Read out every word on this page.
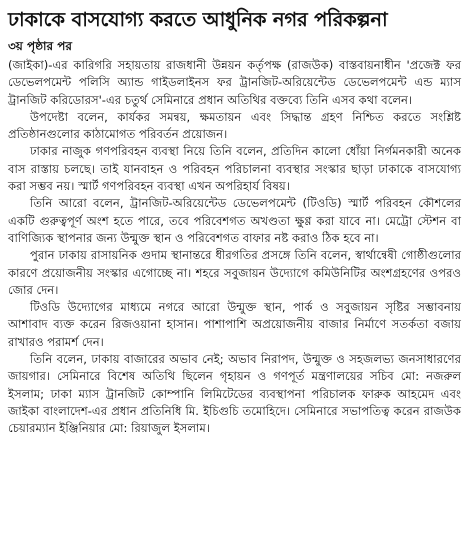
ঢাকাকে বাসযোগ্য করতে আধুনিক নগর পরিকল্পনা
৩য় পৃষ্ঠার পর

(জাইকা)-এর কারিগরি সহায়তায় রাজধানী উন্নয়ন কর্তৃপক্ষ (রাজউক) বাস্তবায়নাধীন 'প্রজেক্ট ফর ডেভেলপমেন্ট পলিসি অ্যান্ড গাইডলাইনস ফর ট্রানজিট-অরিয়েন্টেড ডেভেলপমেন্ট এন্ড ম্যাস ট্রানজিট করিডোরস'-এর চতুর্থ সেমিনারে প্রধান অতিথির বক্তব্যে তিনি এসব কথা বলেন।

উপদেষ্টা বলেন, কার্যকর সমন্বয়, ক্ষমতায়ন এবং সিদ্ধান্ত গ্রহণ নিশ্চিত করতে সংশ্লিষ্ট প্রতিষ্ঠানগুলোর কাঠামোগত পরিবর্তন প্রয়োজন।

ঢাকার নাজুক গণপরিবহন ব্যবস্থা নিয়ে তিনি বলেন, প্রতিদিন কালো ধোঁয়া নির্গমনকারী অনেক বাস রাস্তায় চলছে। তাই যানবাহন ও পরিবহন পরিচালনা ব্যবস্থার সংস্কার ছাড়া ঢাকাকে বাসযোগ্য করা সম্ভব নয়। স্মার্ট গণপরিবহন ব্যবস্থা এখন অপরিহার্য বিষয়।

তিনি আরো বলেন, ট্রানজিট-অরিয়েন্টেড ডেভেলপমেন্ট (টিওডি) স্মার্ট পরিবহন কৌশলের একটি গুরুত্বপূর্ণ অংশ হতে পারে, তবে পরিবেশগত অখণ্ডতা ক্ষুণ্ণ করা যাবে না। মেট্রো স্টেশন বা বাণিজ্যিক স্থাপনার জন্য উন্মুক্ত স্থান ও পরিবেশগত বাফার নষ্ট করাও ঠিক হবে না।

পুরান ঢাকায় রাসায়নিক গুদাম স্থানান্তরে ধীরগতির প্রসঙ্গে তিনি বলেন, স্বার্থান্বেষী গোষ্ঠীগুলোর কারণে প্রয়োজনীয় সংস্কার এগোচ্ছে না। শহরে সবুজায়ন উদ্যোগে কমিউনিটির অংশগ্রহণের ওপরও জোর দেন।

টিওডি উদ্যোগের মাধ্যমে নগরে আরো উন্মুক্ত স্থান, পার্ক ও সবুজায়ন সৃষ্টির সম্ভাবনায় আশাবাদ ব্যক্ত করেন রিজওয়ানা হাসান। পাশাপাশি অপ্রয়োজনীয় বাজার নির্মাণে সতর্কতা বজায় রাখারও পরামর্শ দেন।

তিনি বলেন, ঢাকায় বাজারের অভাব নেই; অভাব নিরাপদ, উন্মুক্ত ও সহজলভ্য জনসাধারণের জায়গার। সেমিনারে বিশেষ অতিথি ছিলেন গৃহায়ন ও গণপূর্ত মন্ত্রণালয়ের সচিব মো: নজরুল ইসলাম; ঢাকা ম্যাস ট্রানজিট কোম্পানি লিমিটেডের ব্যবস্থাপনা পরিচালক ফারুক আহমেদ এবং জাইকা বাংলাদেশ-এর প্রধান প্রতিনিধি মি. ইচিগুচি তমোহিদে। সেমিনারে সভাপতিত্ব করেন রাজউক চেয়ারম্যান ইঞ্জিনিয়ার মো: রিয়াজুল ইসলাম।
